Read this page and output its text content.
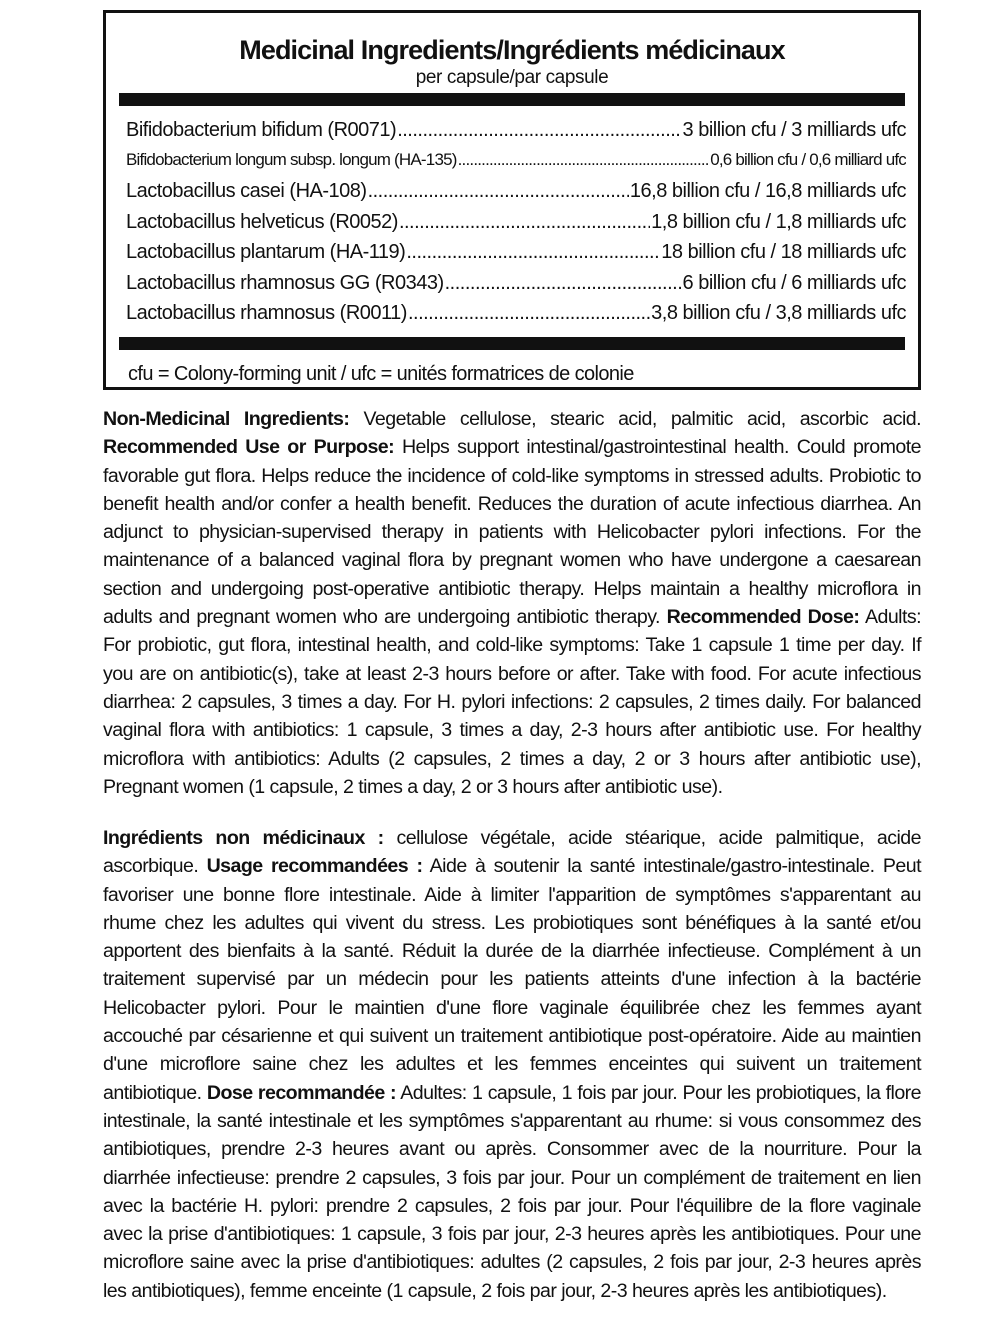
Medicinal Ingredients/Ingrédients médicinaux
per capsule/par capsule
Bifidobacterium bifidum (R0071) .....	3 billion cfu / 3 milliards ufc
Bifidobacterium longum subsp. longum (HA-135) .....	0,6 billion cfu / 0,6 milliard ufc
Lactobacillus casei (HA-108) .....	16,8 billion cfu / 16,8 milliards ufc
Lactobacillus helveticus (R0052) .....	1,8 billion cfu / 1,8 milliards ufc
Lactobacillus plantarum (HA-119) .....	18 billion cfu / 18 milliards ufc
Lactobacillus rhamnosus GG (R0343) .....	6 billion cfu / 6 milliards ufc
Lactobacillus rhamnosus (R0011) .....	3,8 billion cfu / 3,8 milliards ufc
cfu = Colony-forming unit / ufc = unités formatrices de colonie

Non-Medicinal Ingredients: Vegetable cellulose, stearic acid, palmitic acid, ascorbic acid. Recommended Use or Purpose: Helps support intestinal/gastrointestinal health. Could promote favorable gut flora. Helps reduce the incidence of cold-like symptoms in stressed adults. Probiotic to benefit health and/or confer a health benefit. Reduces the duration of acute infectious diarrhea. An adjunct to physician-supervised therapy in patients with Helicobacter pylori infections. For the maintenance of a balanced vaginal flora by pregnant women who have undergone a caesarean section and undergoing post-operative antibiotic therapy. Helps maintain a healthy microflora in adults and pregnant women who are undergoing antibiotic therapy. Recommended Dose: Adults: For probiotic, gut flora, intestinal health, and cold-like symptoms: Take 1 capsule 1 time per day. If you are on antibiotic(s), take at least 2-3 hours before or after. Take with food. For acute infectious diarrhea: 2 capsules, 3 times a day. For H. pylori infections: 2 capsules, 2 times daily. For balanced vaginal flora with antibiotics: 1 capsule, 3 times a day, 2-3 hours after antibiotic use. For healthy microflora with antibiotics: Adults (2 capsules, 2 times a day, 2 or 3 hours after antibiotic use), Pregnant women (1 capsule, 2 times a day, 2 or 3 hours after antibiotic use).

Ingrédients non médicinaux : cellulose végétale, acide stéarique, acide palmitique, acide ascorbique. Usage recommandées : Aide à soutenir la santé intestinale/gastro-intestinale. Peut favoriser une bonne flore intestinale. Aide à limiter l'apparition de symptômes s'apparentant au rhume chez les adultes qui vivent du stress. Les probiotiques sont bénéfiques à la santé et/ou apportent des bienfaits à la santé. Réduit la durée de la diarrhée infectieuse. Complément à un traitement supervisé par un médecin pour les patients atteints d'une infection à la bactérie Helicobacter pylori. Pour le maintien d'une flore vaginale équilibrée chez les femmes ayant accouché par césarienne et qui suivent un traitement antibiotique post-opératoire. Aide au maintien d'une microflore saine chez les adultes et les femmes enceintes qui suivent un traitement antibiotique. Dose recommandée : Adultes: 1 capsule, 1 fois par jour. Pour les probiotiques, la flore intestinale, la santé intestinale et les symptômes s'apparentant au rhume: si vous consommez des antibiotiques, prendre 2-3 heures avant ou après. Consommer avec de la nourriture. Pour la diarrhée infectieuse: prendre 2 capsules, 3 fois par jour. Pour un complément de traitement en lien avec la bactérie H. pylori: prendre 2 capsules, 2 fois par jour. Pour l'équilibre de la flore vaginale avec la prise d'antibiotiques: 1 capsule, 3 fois par jour, 2-3 heures après les antibiotiques. Pour une microflore saine avec la prise d'antibiotiques: adultes (2 capsules, 2 fois par jour, 2-3 heures après les antibiotiques), femme enceinte (1 capsule, 2 fois par jour, 2-3 heures après les antibiotiques).
